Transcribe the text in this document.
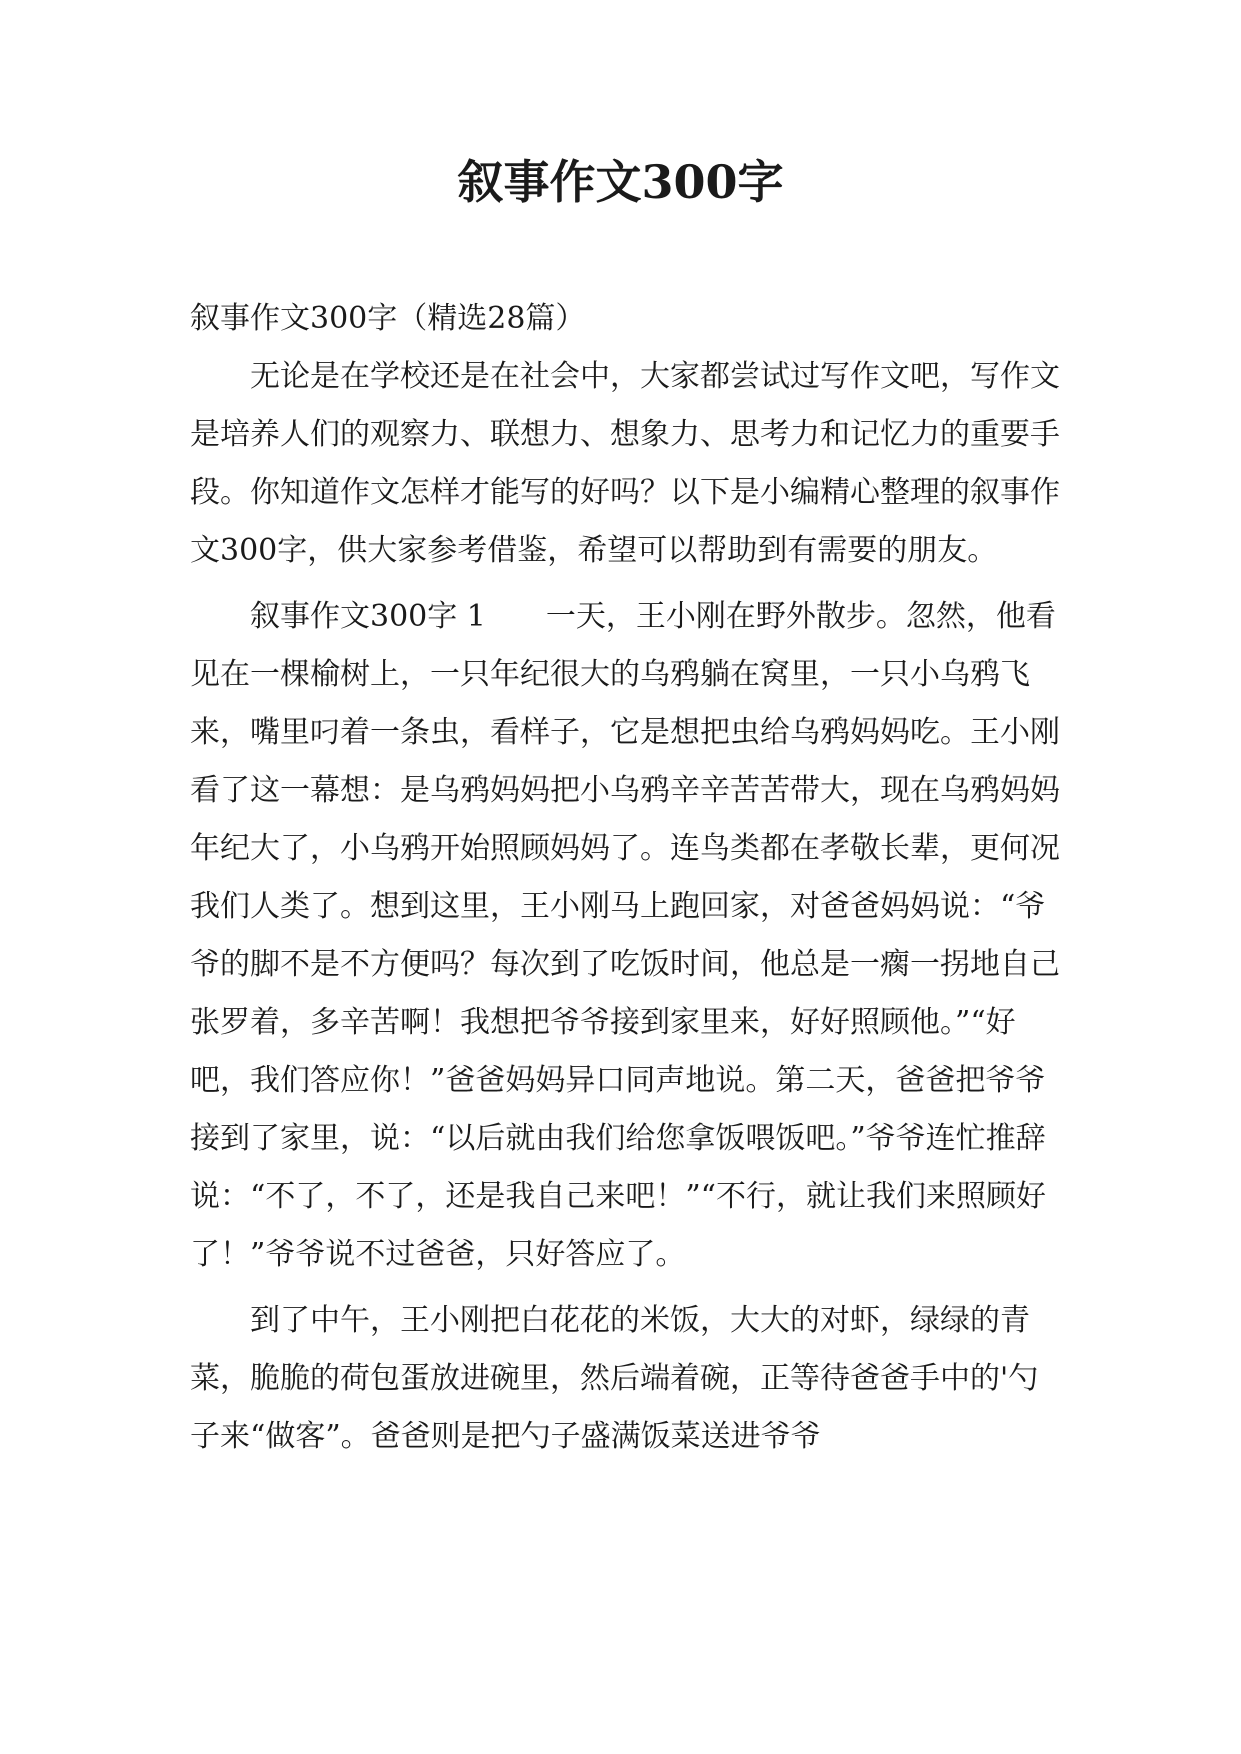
叙事作文300字

叙事作文300字（精选28篇）

无论是在学校还是在社会中，大家都尝试过写作文吧，写作文是培养人们的观察力、联想力、想象力、思考力和记忆力的重要手段。你知道作文怎样才能写的好吗？以下是小编精心整理的叙事作文300字，供大家参考借鉴，希望可以帮助到有需要的朋友。

叙事作文300字 1　　一天，王小刚在野外散步。忽然，他看见在一棵榆树上，一只年纪很大的乌鸦躺在窝里，一只小乌鸦飞来，嘴里叼着一条虫，看样子，它是想把虫给乌鸦妈妈吃。王小刚看了这一幕想：是乌鸦妈妈把小乌鸦辛辛苦苦带大，现在乌鸦妈妈年纪大了，小乌鸦开始照顾妈妈了。连鸟类都在孝敬长辈，更何况我们人类了。想到这里，王小刚马上跑回家，对爸爸妈妈说：“爷爷的脚不是不方便吗？每次到了吃饭时间，他总是一瘸一拐地自己张罗着，多辛苦啊！我想把爷爷接到家里来，好好照顾他。”“好吧，我们答应你！”爸爸妈妈异口同声地说。第二天，爸爸把爷爷接到了家里，说：“以后就由我们给您拿饭喂饭吧。”爷爷连忙推辞说：“不了，不了，还是我自己来吧！”“不行，就让我们来照顾好了！”爷爷说不过爸爸，只好答应了。

到了中午，王小刚把白花花的米饭，大大的对虾，绿绿的青菜，脆脆的荷包蛋放进碗里，然后端着碗，正等待爸爸手中的'勺子来“做客”。爸爸则是把勺子盛满饭菜送进爷爷
